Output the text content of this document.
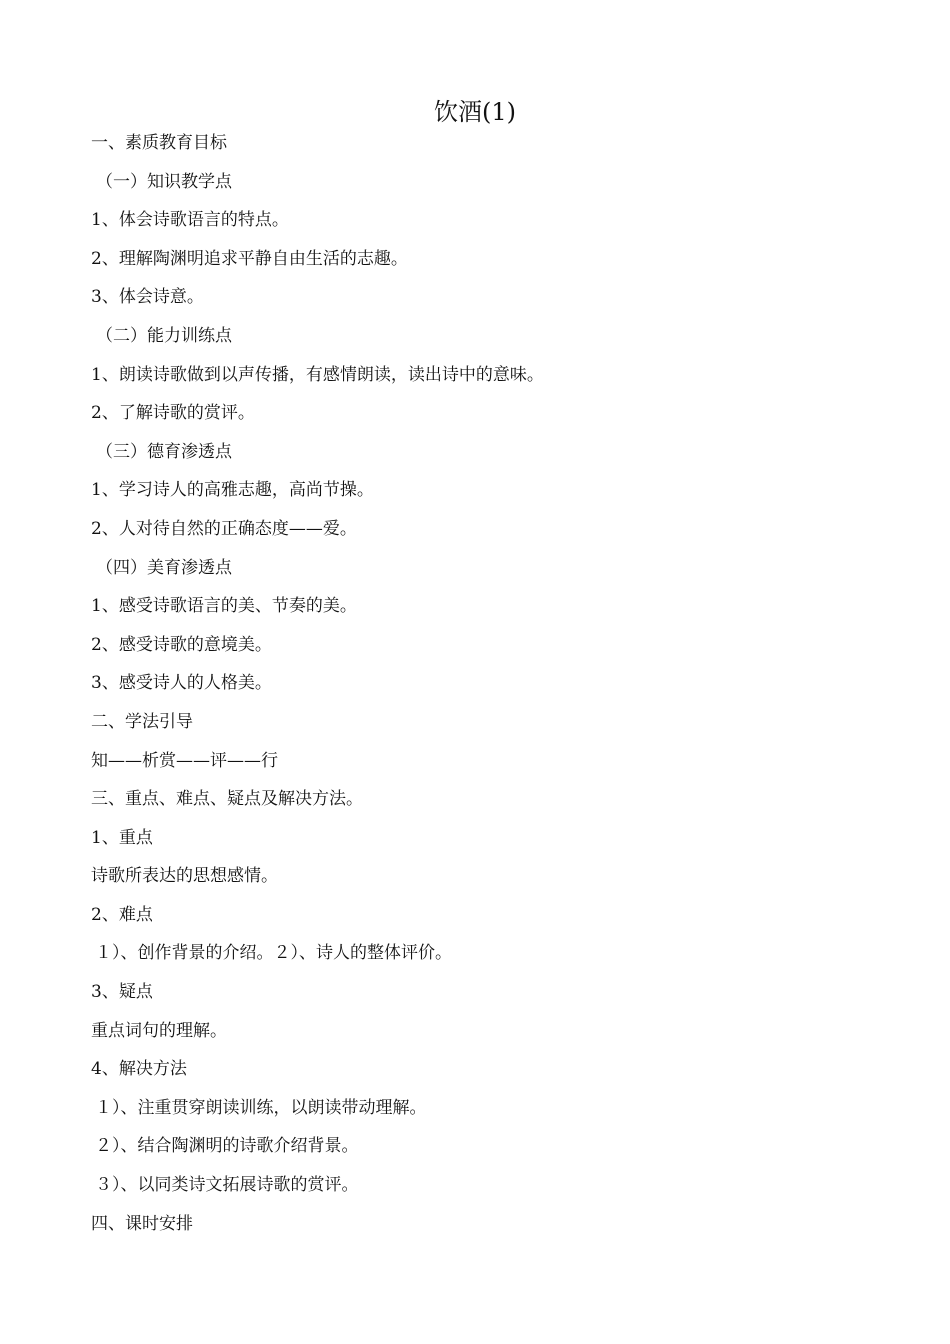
饮酒(1)
一、素质教育目标
（一）知识教学点
1、体会诗歌语言的特点。
2、理解陶渊明追求平静自由生活的志趣。
3、体会诗意。
（二）能力训练点
1、朗读诗歌做到以声传播，有感情朗读，读出诗中的意味。
2、了解诗歌的赏评。
（三）德育渗透点
1、学习诗人的高雅志趣，高尚节操。
2、人对待自然的正确态度——爱。
（四）美育渗透点
1、感受诗歌语言的美、节奏的美。
2、感受诗歌的意境美。
3、感受诗人的人格美。
二、学法引导
知——析赏——评——行
三、重点、难点、疑点及解决方法。
1、重点
诗歌所表达的思想感情。
2、难点
１）、创作背景的介绍。２）、诗人的整体评价。
3、疑点
重点词句的理解。
4、解决方法
１）、注重贯穿朗读训练，以朗读带动理解。
２）、结合陶渊明的诗歌介绍背景。
３）、以同类诗文拓展诗歌的赏评。
四、课时安排
